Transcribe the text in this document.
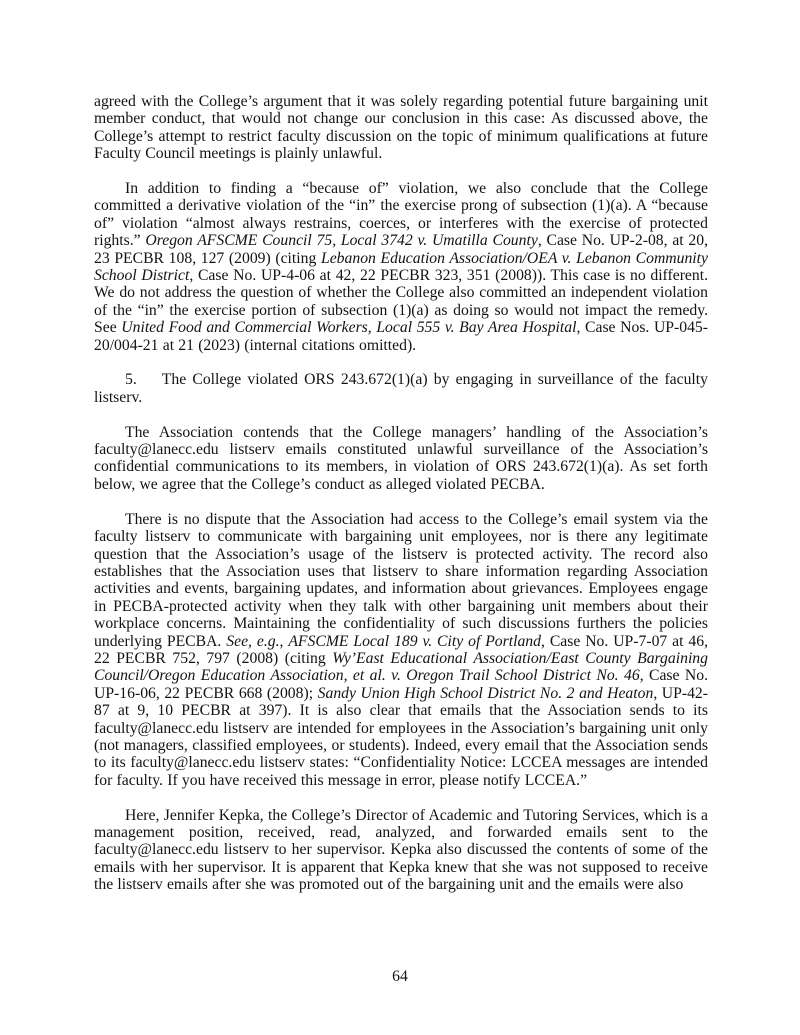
agreed with the College’s argument that it was solely regarding potential future bargaining unit member conduct, that would not change our conclusion in this case: As discussed above, the College’s attempt to restrict faculty discussion on the topic of minimum qualifications at future Faculty Council meetings is plainly unlawful.

In addition to finding a “because of” violation, we also conclude that the College committed a derivative violation of the “in” the exercise prong of subsection (1)(a). A “because of” violation “almost always restrains, coerces, or interferes with the exercise of protected rights.” Oregon AFSCME Council 75, Local 3742 v. Umatilla County, Case No. UP-2-08, at 20, 23 PECBR 108, 127 (2009) (citing Lebanon Education Association/OEA v. Lebanon Community School District, Case No. UP-4-06 at 42, 22 PECBR 323, 351 (2008)). This case is no different. We do not address the question of whether the College also committed an independent violation of the “in” the exercise portion of subsection (1)(a) as doing so would not impact the remedy. See United Food and Commercial Workers, Local 555 v. Bay Area Hospital, Case Nos. UP-045-20/004-21 at 21 (2023) (internal citations omitted).

5. The College violated ORS 243.672(1)(a) by engaging in surveillance of the faculty listserv.

The Association contends that the College managers’ handling of the Association’s faculty@lanecc.edu listserv emails constituted unlawful surveillance of the Association’s confidential communications to its members, in violation of ORS 243.672(1)(a). As set forth below, we agree that the College’s conduct as alleged violated PECBA.

There is no dispute that the Association had access to the College’s email system via the faculty listserv to communicate with bargaining unit employees, nor is there any legitimate question that the Association’s usage of the listserv is protected activity. The record also establishes that the Association uses that listserv to share information regarding Association activities and events, bargaining updates, and information about grievances. Employees engage in PECBA-protected activity when they talk with other bargaining unit members about their workplace concerns. Maintaining the confidentiality of such discussions furthers the policies underlying PECBA. See, e.g., AFSCME Local 189 v. City of Portland, Case No. UP-7-07 at 46, 22 PECBR 752, 797 (2008) (citing Wy’East Educational Association/East County Bargaining Council/Oregon Education Association, et al. v. Oregon Trail School District No. 46, Case No. UP-16-06, 22 PECBR 668 (2008); Sandy Union High School District No. 2 and Heaton, UP-42-87 at 9, 10 PECBR at 397). It is also clear that emails that the Association sends to its faculty@lanecc.edu listserv are intended for employees in the Association’s bargaining unit only (not managers, classified employees, or students). Indeed, every email that the Association sends to its faculty@lanecc.edu listserv states: “Confidentiality Notice: LCCEA messages are intended for faculty. If you have received this message in error, please notify LCCEA.”

Here, Jennifer Kepka, the College’s Director of Academic and Tutoring Services, which is a management position, received, read, analyzed, and forwarded emails sent to the faculty@lanecc.edu listserv to her supervisor. Kepka also discussed the contents of some of the emails with her supervisor. It is apparent that Kepka knew that she was not supposed to receive the listserv emails after she was promoted out of the bargaining unit and the emails were also

64
